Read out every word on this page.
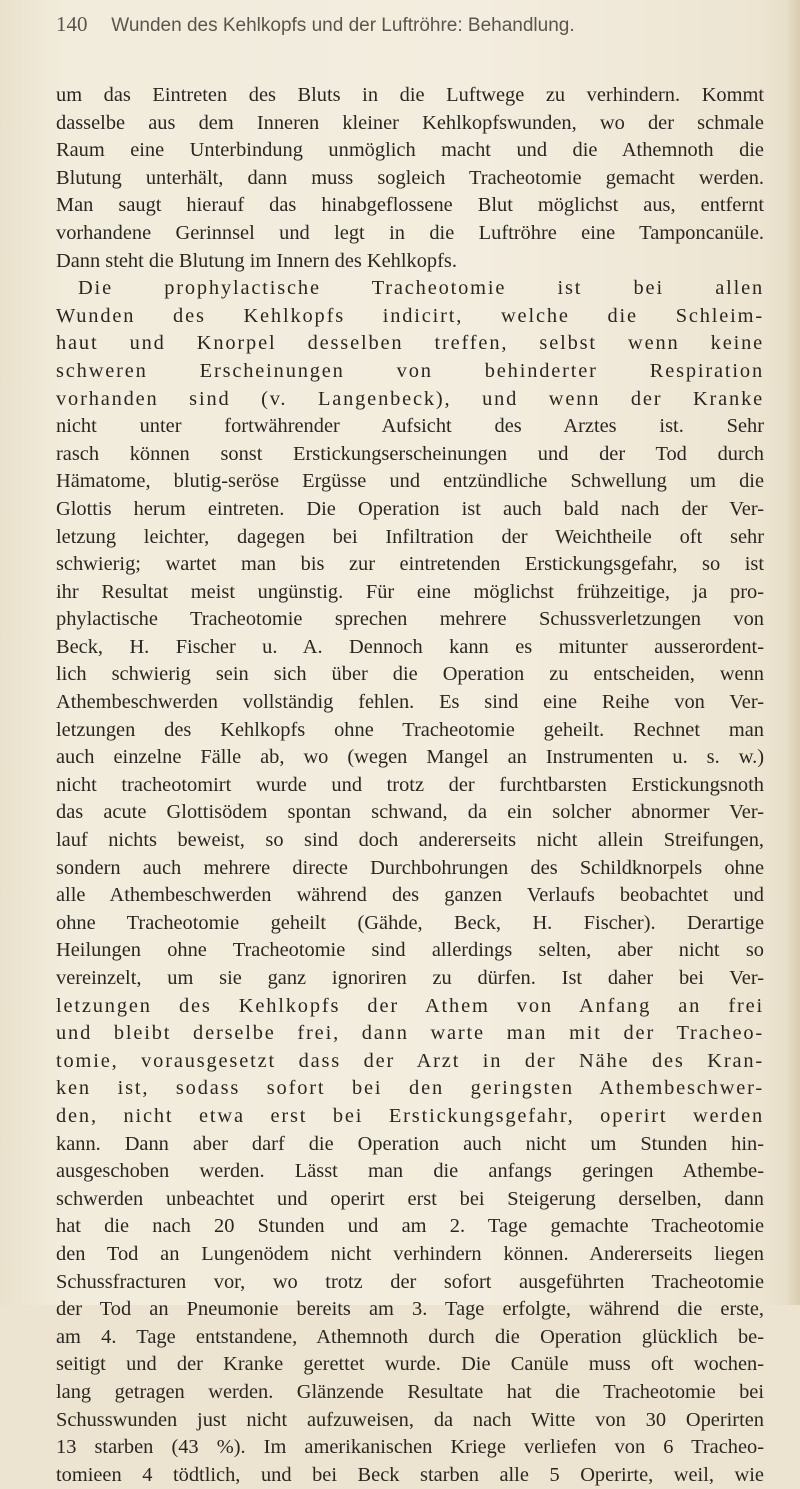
140 Wunden des Kehlkopfs und der Luftröhre: Behandlung.
um das Eintreten des Bluts in die Luftwege zu verhindern. Kommt
dasselbe aus dem Inneren kleiner Kehlkopfswunden, wo der schmale
Raum eine Unterbindung unmöglich macht und die Athemnoth die
Blutung unterhält, dann muss sogleich Tracheotomie gemacht werden.
Man saugt hierauf das hinabgeflossene Blut möglichst aus, entfernt
vorhandene Gerinnsel und legt in die Luftröhre eine Tamponcanüle.
Dann steht die Blutung im Innern des Kehlkopfs.
Die prophylactische Tracheotomie ist bei allen
Wunden des Kehlkopfs indicirt, welche die Schleim-
haut und Knorpel desselben treffen, selbst wenn keine
schweren Erscheinungen von behinderter Respiration
vorhanden sind (v. Langenbeck), und wenn der Kranke
nicht unter fortwährender Aufsicht des Arztes ist. Sehr
rasch können sonst Erstickungserscheinungen und der Tod durch
Hämatome, blutig-seröse Ergüsse und entzündliche Schwellung um die
Glottis herum eintreten. Die Operation ist auch bald nach der Ver-
letzung leichter, dagegen bei Infiltration der Weichtheile oft sehr
schwierig; wartet man bis zur eintretenden Erstickungsgefahr, so ist
ihr Resultat meist ungünstig. Für eine möglichst frühzeitige, ja pro-
phylactische Tracheotomie sprechen mehrere Schussverletzungen von
Beck, H. Fischer u. A. Dennoch kann es mitunter ausserordent-
lich schwierig sein sich über die Operation zu entscheiden, wenn
Athembeschwerden vollständig fehlen. Es sind eine Reihe von Ver-
letzungen des Kehlkopfs ohne Tracheotomie geheilt. Rechnet man
auch einzelne Fälle ab, wo (wegen Mangel an Instrumenten u. s. w.)
nicht tracheotomirt wurde und trotz der furchtbarsten Erstickungsnoth
das acute Glottisödem spontan schwand, da ein solcher abnormer Ver-
lauf nichts beweist, so sind doch andererseits nicht allein Streifungen,
sondern auch mehrere directe Durchbohrungen des Schildknorpels ohne
alle Athembeschwerden während des ganzen Verlaufs beobachtet und
ohne Tracheotomie geheilt (Gähde, Beck, H. Fischer). Derartige
Heilungen ohne Tracheotomie sind allerdings selten, aber nicht so
vereinzelt, um sie ganz ignoriren zu dürfen. Ist daher bei Ver-
letzungen des Kehlkopfs der Athem von Anfang an frei
und bleibt derselbe frei, dann warte man mit der Tracheo-
tomie, vorausgesetzt dass der Arzt in der Nähe des Kran-
ken ist, sodass sofort bei den geringsten Athembeschwer-
den, nicht etwa erst bei Erstickungsgefahr, operirt werden
kann. Dann aber darf die Operation auch nicht um Stunden hin-
ausgeschoben werden. Lässt man die anfangs geringen Athembe-
schwerden unbeachtet und operirt erst bei Steigerung derselben, dann
hat die nach 20 Stunden und am 2. Tage gemachte Tracheotomie
den Tod an Lungenödem nicht verhindern können. Andererseits liegen
Schussfracturen vor, wo trotz der sofort ausgeführten Tracheotomie
der Tod an Pneumonie bereits am 3. Tage erfolgte, während die erste,
am 4. Tage entstandene, Athemnoth durch die Operation glücklich be-
seitigt und der Kranke gerettet wurde. Die Canüle muss oft wochen-
lang getragen werden. Glänzende Resultate hat die Tracheotomie bei
Schusswunden just nicht aufzuweisen, da nach Witte von 30 Operirten
13 starben (43 %). Im amerikanischen Kriege verliefen von 6 Tracheo-
tomieen 4 tödtlich, und bei Beck starben alle 5 Operirte, weil, wie
